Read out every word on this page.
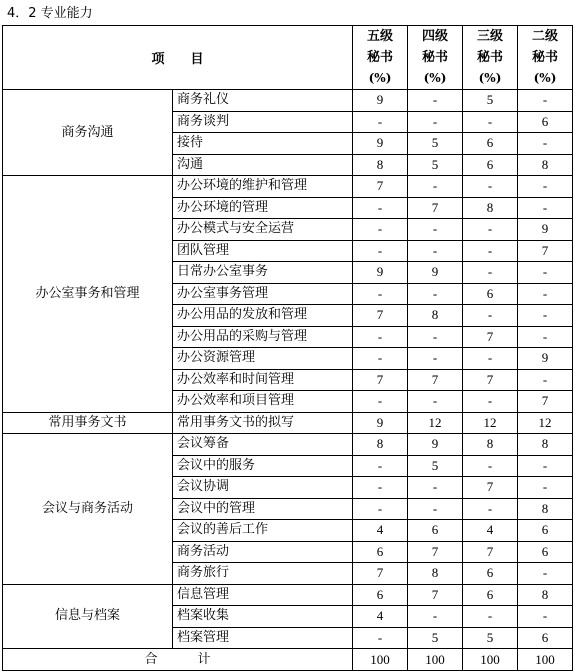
4．2 专业能力
项目		五级
秘书
(%)	四级
秘书
(%)	三级
秘书
(%)	二级
秘书
(%)

商务沟通	商务礼仪	9	-	5	-
	商务谈判	-	-	-	6
	接待	9	5	6	-
	沟通	8	5	6	8
办公室事务和管理	办公环境的维护和管理	7	-	-	-
	办公环境的管理	-	7	8	-
	办公模式与安全运营	-	-	-	9
	团队管理	-	-	-	7
	日常办公室事务	9	9	-	-
	办公室事务管理	-	-	6	-
	办公用品的发放和管理	7	8	-	-
	办公用品的采购与管理	-	-	7	-
	办公资源管理	-	-	-	9
	办公效率和时间管理	7	7	7	-
	办公效率和项目管理	-	-	-	7
常用事务文书	常用事务文书的拟写	9	12	12	12
会议与商务活动	会议筹备	8	9	8	8
	会议中的服务	-	5	-	-
	会议协调	-	-	7	-
	会议中的管理	-	-	-	8
	会议的善后工作	4	6	4	6
	商务活动	6	7	7	6
	商务旅行	7	8	6	-
信息与档案	信息管理	6	7	6	8
	档案收集	4	-	-	-
	档案管理	-	5	5	6
合计		100	100	100	100
